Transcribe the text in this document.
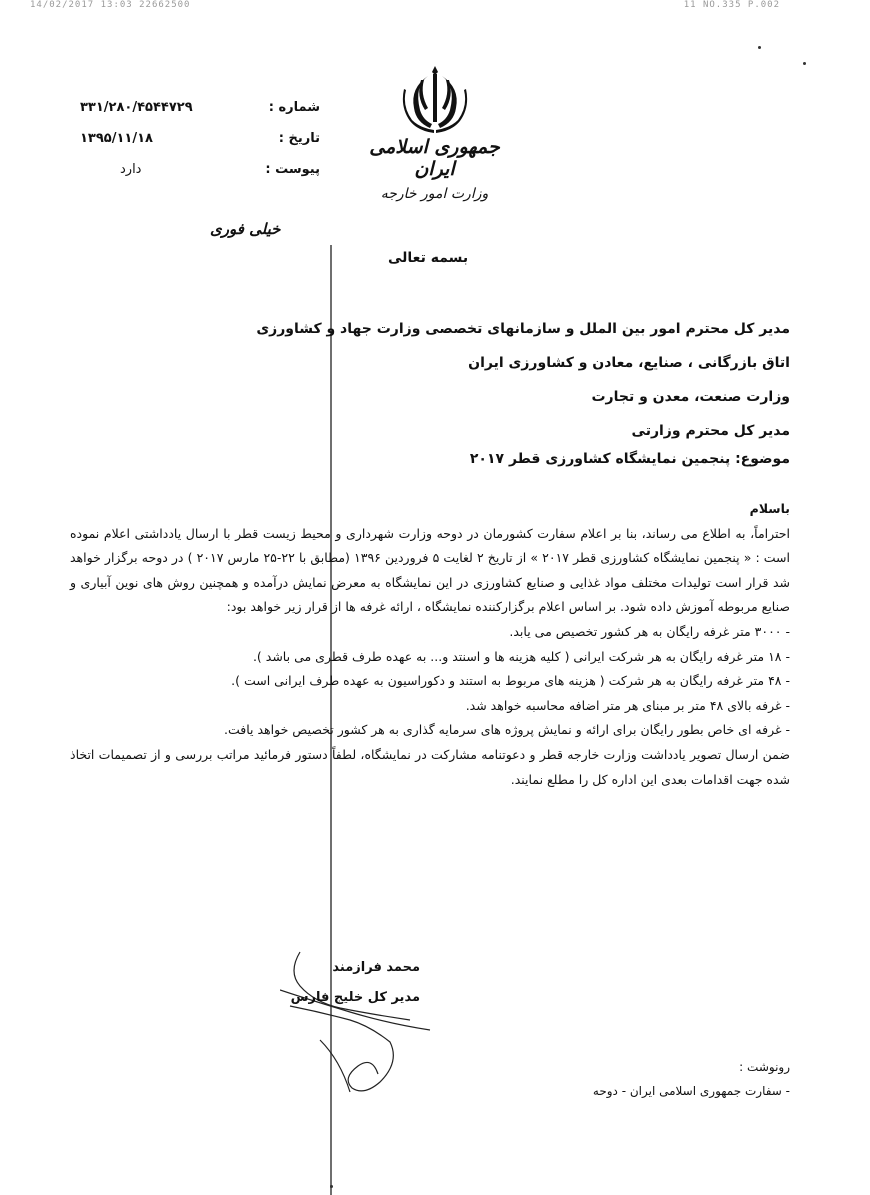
14/02/2017 13:03 22662500	11 NO.335 P.002
جمهوری اسلامی ایران
وزارت امور خارجه
شماره :
۳۳۱/۲۸۰/۴۵۴۴۷۲۹
تاریخ :
۱۳۹۵/۱۱/۱۸
پیوست :
دارد
خیلی فوری
بسمه تعالی
مدیر کل محترم امور بین الملل و سازمانهای تخصصی وزارت جهاد و کشاورزی
اتاق بازرگانی ، صنایع، معادن و کشاورزی ایران
وزارت صنعت، معدن و تجارت
مدیر کل محترم وزارتی
موضوع: پنجمین نمایشگاه کشاورزی قطر ۲۰۱۷

باسلام

احتراماً، به اطلاع می رساند، بنا بر اعلام سفارت کشورمان در دوحه وزارت شهرداری و محیط زیست قطر با ارسال یادداشتی اعلام نموده است : « پنجمین نمایشگاه کشاورزی قطر ۲۰۱۷ » از تاریخ ۲ لغایت ۵ فروردین ۱۳۹۶ (مطابق با ۲۲-۲۵ مارس ۲۰۱۷ ) در دوحه برگزار خواهد شد قرار است تولیدات مختلف مواد غذایی و صنایع کشاورزی در این نمایشگاه به معرض نمایش درآمده و همچنین روش های نوین آبیاری و صنایع مربوطه آموزش داده شود. بر اساس اعلام برگزارکننده نمایشگاه ، ارائه غرفه ها از قرار زیر خواهد بود:

- ۳۰۰۰ متر غرفه رایگان به هر کشور تخصیص می یابد.

- ۱۸ متر غرفه رایگان به هر شرکت ایرانی ( کلیه هزینه ها و اسنتد و... به عهده طرف قطری می باشد ).

- ۴۸ متر غرفه رایگان به هر شرکت ( هزینه های مربوط به استند و دکوراسیون به عهده طرف ایرانی است ).

- غرفه بالای ۴۸ متر بر مبنای هر متر اضافه محاسبه خواهد شد.

- غرفه ای خاص بطور رایگان برای ارائه و نمایش پروژه های سرمایه گذاری به هر کشور تخصیص خواهد یافت.

ضمن ارسال تصویر یادداشت وزارت خارجه قطر و دعوتنامه مشارکت در نمایشگاه، لطفاً دستور فرمائید مراتب بررسی و از تصمیمات اتخاذ شده جهت اقدامات بعدی این اداره کل را مطلع نمایند.

محمد فرازمند
مدیر کل خلیج فارس
رونوشت :
- سفارت جمهوری اسلامی ایران - دوحه
